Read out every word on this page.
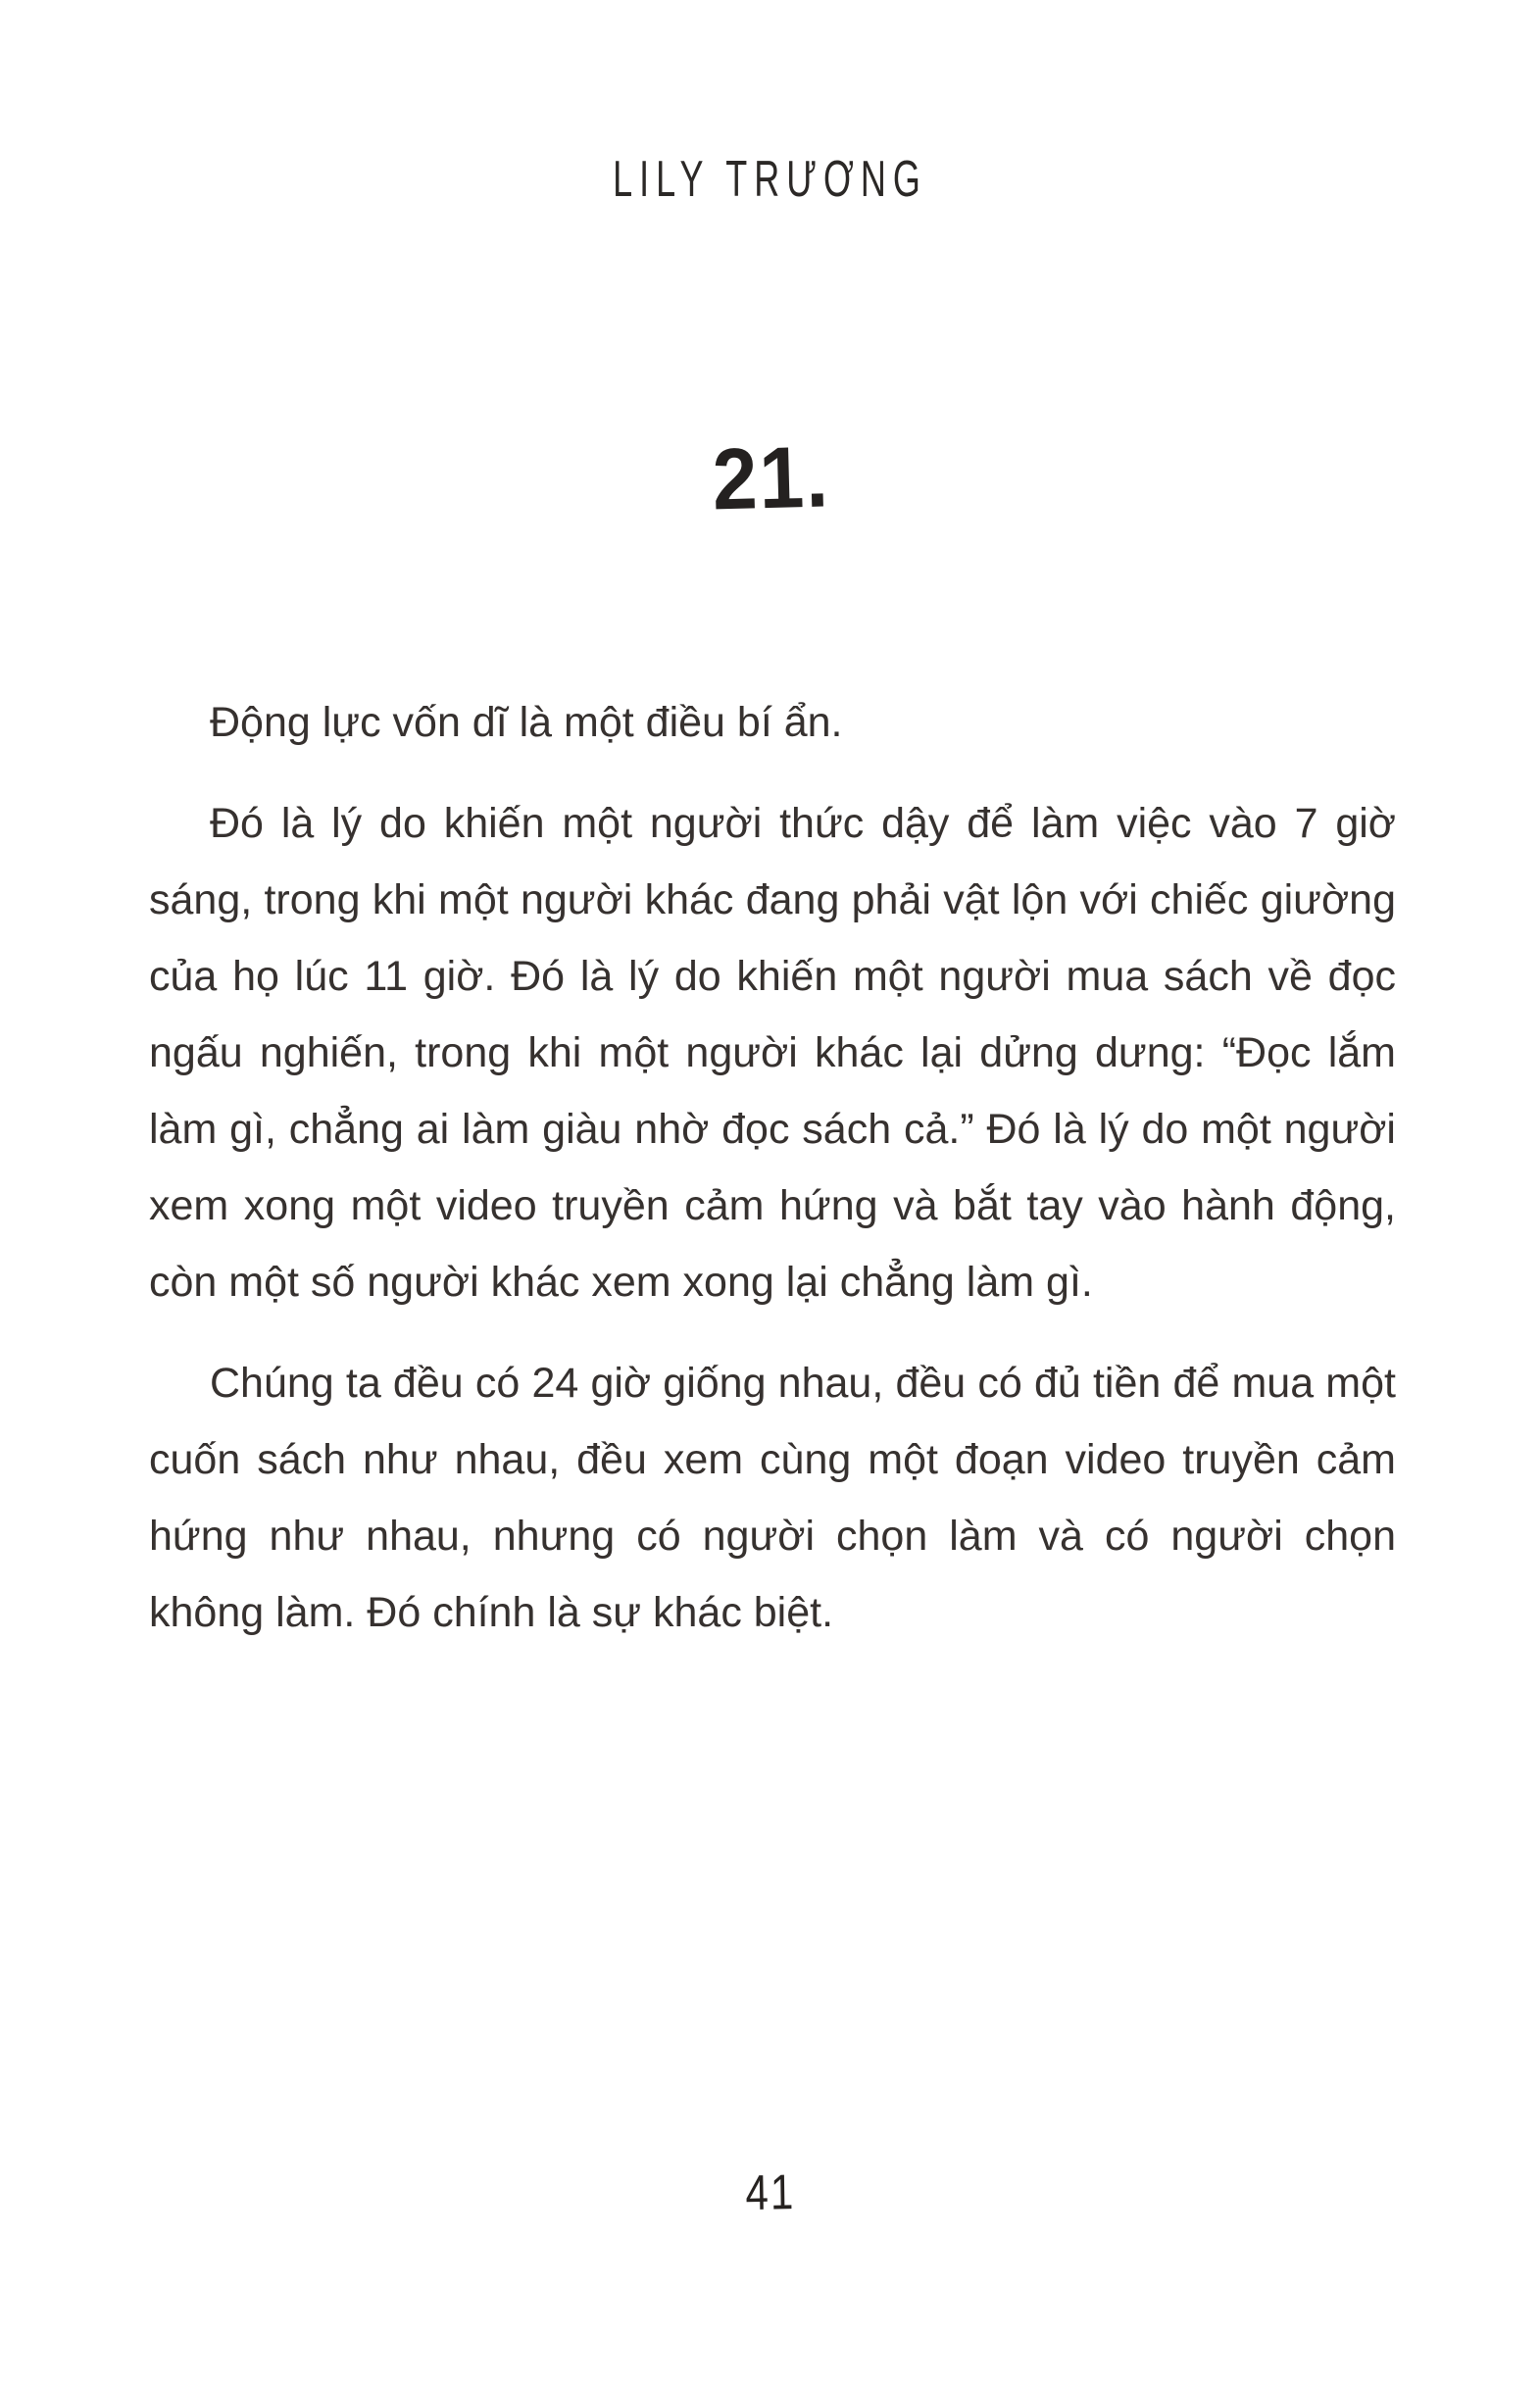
LILY TRƯƠNG
21.

Động lực vốn dĩ là một điều bí ẩn.

Đó là lý do khiến một người thức dậy để làm việc vào 7 giờ sáng, trong khi một người khác đang phải vật lộn với chiếc giường của họ lúc 11 giờ. Đó là lý do khiến một người mua sách về đọc ngấu nghiến, trong khi một người khác lại dửng dưng: “Đọc lắm làm gì, chẳng ai làm giàu nhờ đọc sách cả.” Đó là lý do một người xem xong một video truyền cảm hứng và bắt tay vào hành động, còn một số người khác xem xong lại chẳng làm gì.

Chúng ta đều có 24 giờ giống nhau, đều có đủ tiền để mua một cuốn sách như nhau, đều xem cùng một đoạn video truyền cảm hứng như nhau, nhưng có người chọn làm và có người chọn không làm. Đó chính là sự khác biệt.

41
